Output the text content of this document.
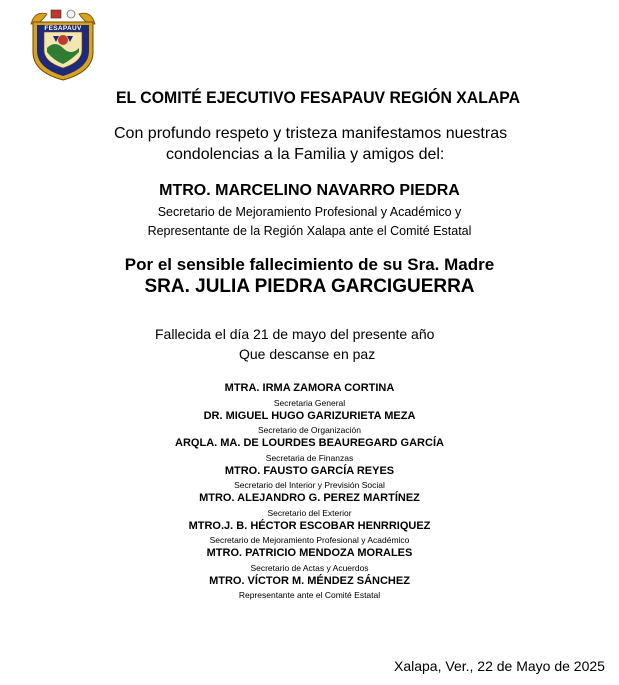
FESAPAUV
EL COMITÉ EJECUTIVO FESAPAUV REGIÓN XALAPA
Con profundo respeto y tristeza manifestamos nuestras
condolencias a la Familia y amigos del:
MTRO. MARCELINO NAVARRO PIEDRA
Secretario de Mejoramiento Profesional y Académico y
Representante de la Región Xalapa ante el Comité Estatal
Por el sensible fallecimiento de su Sra. Madre
SRA. JULIA PIEDRA GARCIGUERRA
Fallecida el día 21 de mayo del presente año
Que descanse en paz
MTRA. IRMA ZAMORA CORTINA
Secretaria General
DR. MIGUEL HUGO GARIZURIETA MEZA
Secretario de Organización
ARQLA. MA. DE LOURDES BEAUREGARD GARCÍA
Secretaria de Finanzas
MTRO. FAUSTO GARCÍA REYES
Secretario del Interior y Previsión Social
MTRO. ALEJANDRO G. PEREZ MARTÍNEZ
Secretario del Exterior
MTRO.J. B. HÉCTOR ESCOBAR HENRRIQUEZ
Secretario de Mejoramiento Profesional y Académico
MTRO. PATRICIO MENDOZA MORALES
Secretario de Actas y Acuerdos
MTRO. VÍCTOR M. MÉNDEZ SÁNCHEZ
Representante ante el Comité Estatal
Xalapa, Ver., 22 de Mayo de 2025
